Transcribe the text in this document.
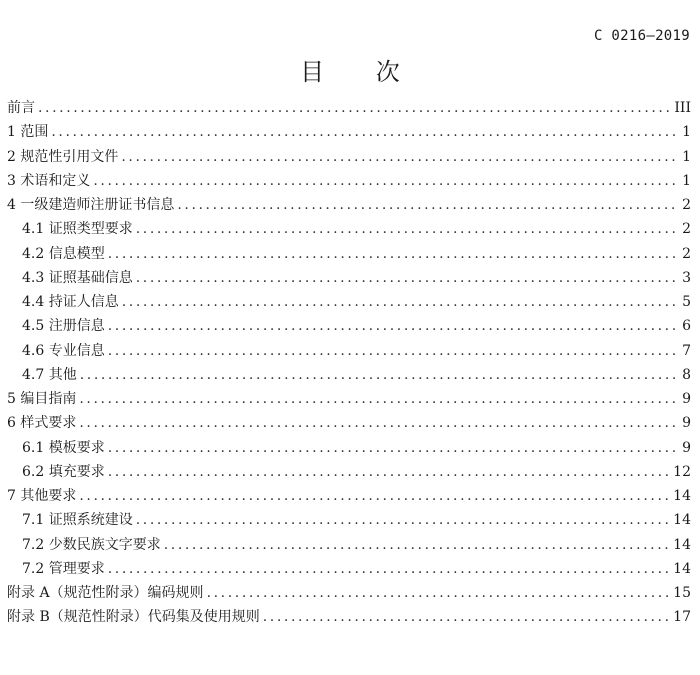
C 0216—2019
目 次
前言 .....	III
1 范围 .....	1
2 规范性引用文件 .....	1
3 术语和定义 .....	1
4 一级建造师注册证书信息 .....	2
4.1 证照类型要求 .....	2
4.2 信息模型 .....	2
4.3 证照基础信息 .....	3
4.4 持证人信息 .....	5
4.5 注册信息 .....	6
4.6 专业信息 .....	7
4.7 其他 .....	8
5 编目指南 .....	9
6 样式要求 .....	9
6.1 模板要求 .....	9
6.2 填充要求 .....	12
7 其他要求 .....	14
7.1 证照系统建设 .....	14
7.2 少数民族文字要求 .....	14
7.2 管理要求 .....	14
附录 A（规范性附录）编码规则 .....	15
附录 B（规范性附录）代码集及使用规则 .....	17
